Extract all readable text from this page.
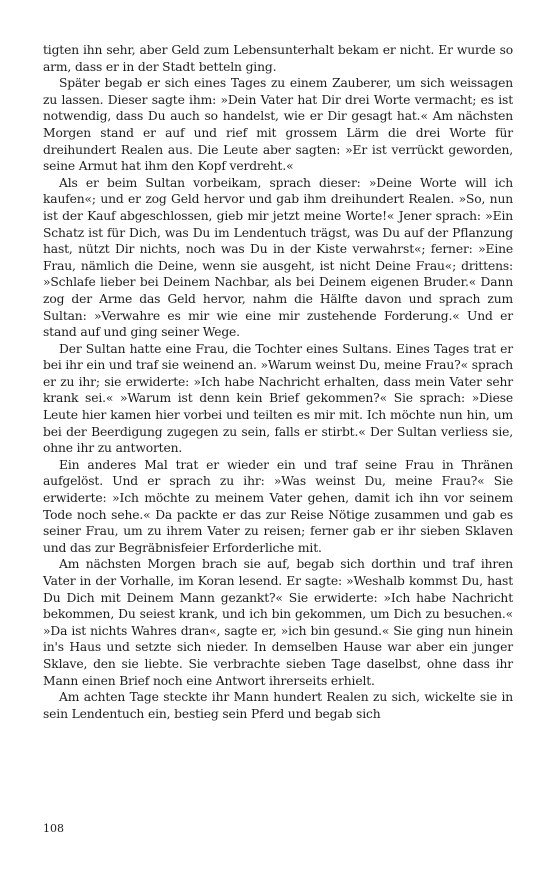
tigten ihn sehr, aber Geld zum Lebensunterhalt bekam er nicht. Er wurde so arm, dass er in der Stadt betteln ging.

Später begab er sich eines Tages zu einem Zauberer, um sich weissagen zu lassen. Dieser sagte ihm: »Dein Vater hat Dir drei Worte vermacht; es ist notwendig, dass Du auch so handelst, wie er Dir gesagt hat.« Am nächsten Morgen stand er auf und rief mit grossem Lärm die drei Worte für dreihundert Realen aus. Die Leute aber sagten: »Er ist verrückt geworden, seine Armut hat ihm den Kopf verdreht.«

Als er beim Sultan vorbeikam, sprach dieser: »Deine Worte will ich kaufen«; und er zog Geld hervor und gab ihm dreihundert Realen. »So, nun ist der Kauf abgeschlossen, gieb mir jetzt meine Worte!« Jener sprach: »Ein Schatz ist für Dich, was Du im Lendentuch trägst, was Du auf der Pflanzung hast, nützt Dir nichts, noch was Du in der Kiste verwahrst«; ferner: »Eine Frau, nämlich die Deine, wenn sie ausgeht, ist nicht Deine Frau«; drittens: »Schlafe lieber bei Deinem Nachbar, als bei Deinem eigenen Bruder.« Dann zog der Arme das Geld hervor, nahm die Hälfte davon und sprach zum Sultan: »Verwahre es mir wie eine mir zustehende Forderung.« Und er stand auf und ging seiner Wege.

Der Sultan hatte eine Frau, die Tochter eines Sultans. Eines Tages trat er bei ihr ein und traf sie weinend an. »Warum weinst Du, meine Frau?« sprach er zu ihr; sie erwiderte: »Ich habe Nachricht erhalten, dass mein Vater sehr krank sei.« »Warum ist denn kein Brief gekommen?« Sie sprach: »Diese Leute hier kamen hier vorbei und teilten es mir mit. Ich möchte nun hin, um bei der Beerdigung zugegen zu sein, falls er stirbt.« Der Sultan verliess sie, ohne ihr zu antworten.

Ein anderes Mal trat er wieder ein und traf seine Frau in Thränen aufgelöst. Und er sprach zu ihr: »Was weinst Du, meine Frau?« Sie erwiderte: »Ich möchte zu meinem Vater gehen, damit ich ihn vor seinem Tode noch sehe.« Da packte er das zur Reise Nötige zusammen und gab es seiner Frau, um zu ihrem Vater zu reisen; ferner gab er ihr sieben Sklaven und das zur Begräbnisfeier Erforderliche mit.

Am nächsten Morgen brach sie auf, begab sich dorthin und traf ihren Vater in der Vorhalle, im Koran lesend. Er sagte: »Weshalb kommst Du, hast Du Dich mit Deinem Mann gezankt?« Sie erwiderte: »Ich habe Nachricht bekommen, Du seiest krank, und ich bin gekommen, um Dich zu besuchen.« »Da ist nichts Wahres dran«, sagte er, »ich bin gesund.« Sie ging nun hinein in's Haus und setzte sich nieder. In demselben Hause war aber ein junger Sklave, den sie liebte. Sie verbrachte sieben Tage daselbst, ohne dass ihr Mann einen Brief noch eine Antwort ihrerseits erhielt.

Am achten Tage steckte ihr Mann hundert Realen zu sich, wickelte sie in sein Lendentuch ein, bestieg sein Pferd und begab sich

108
